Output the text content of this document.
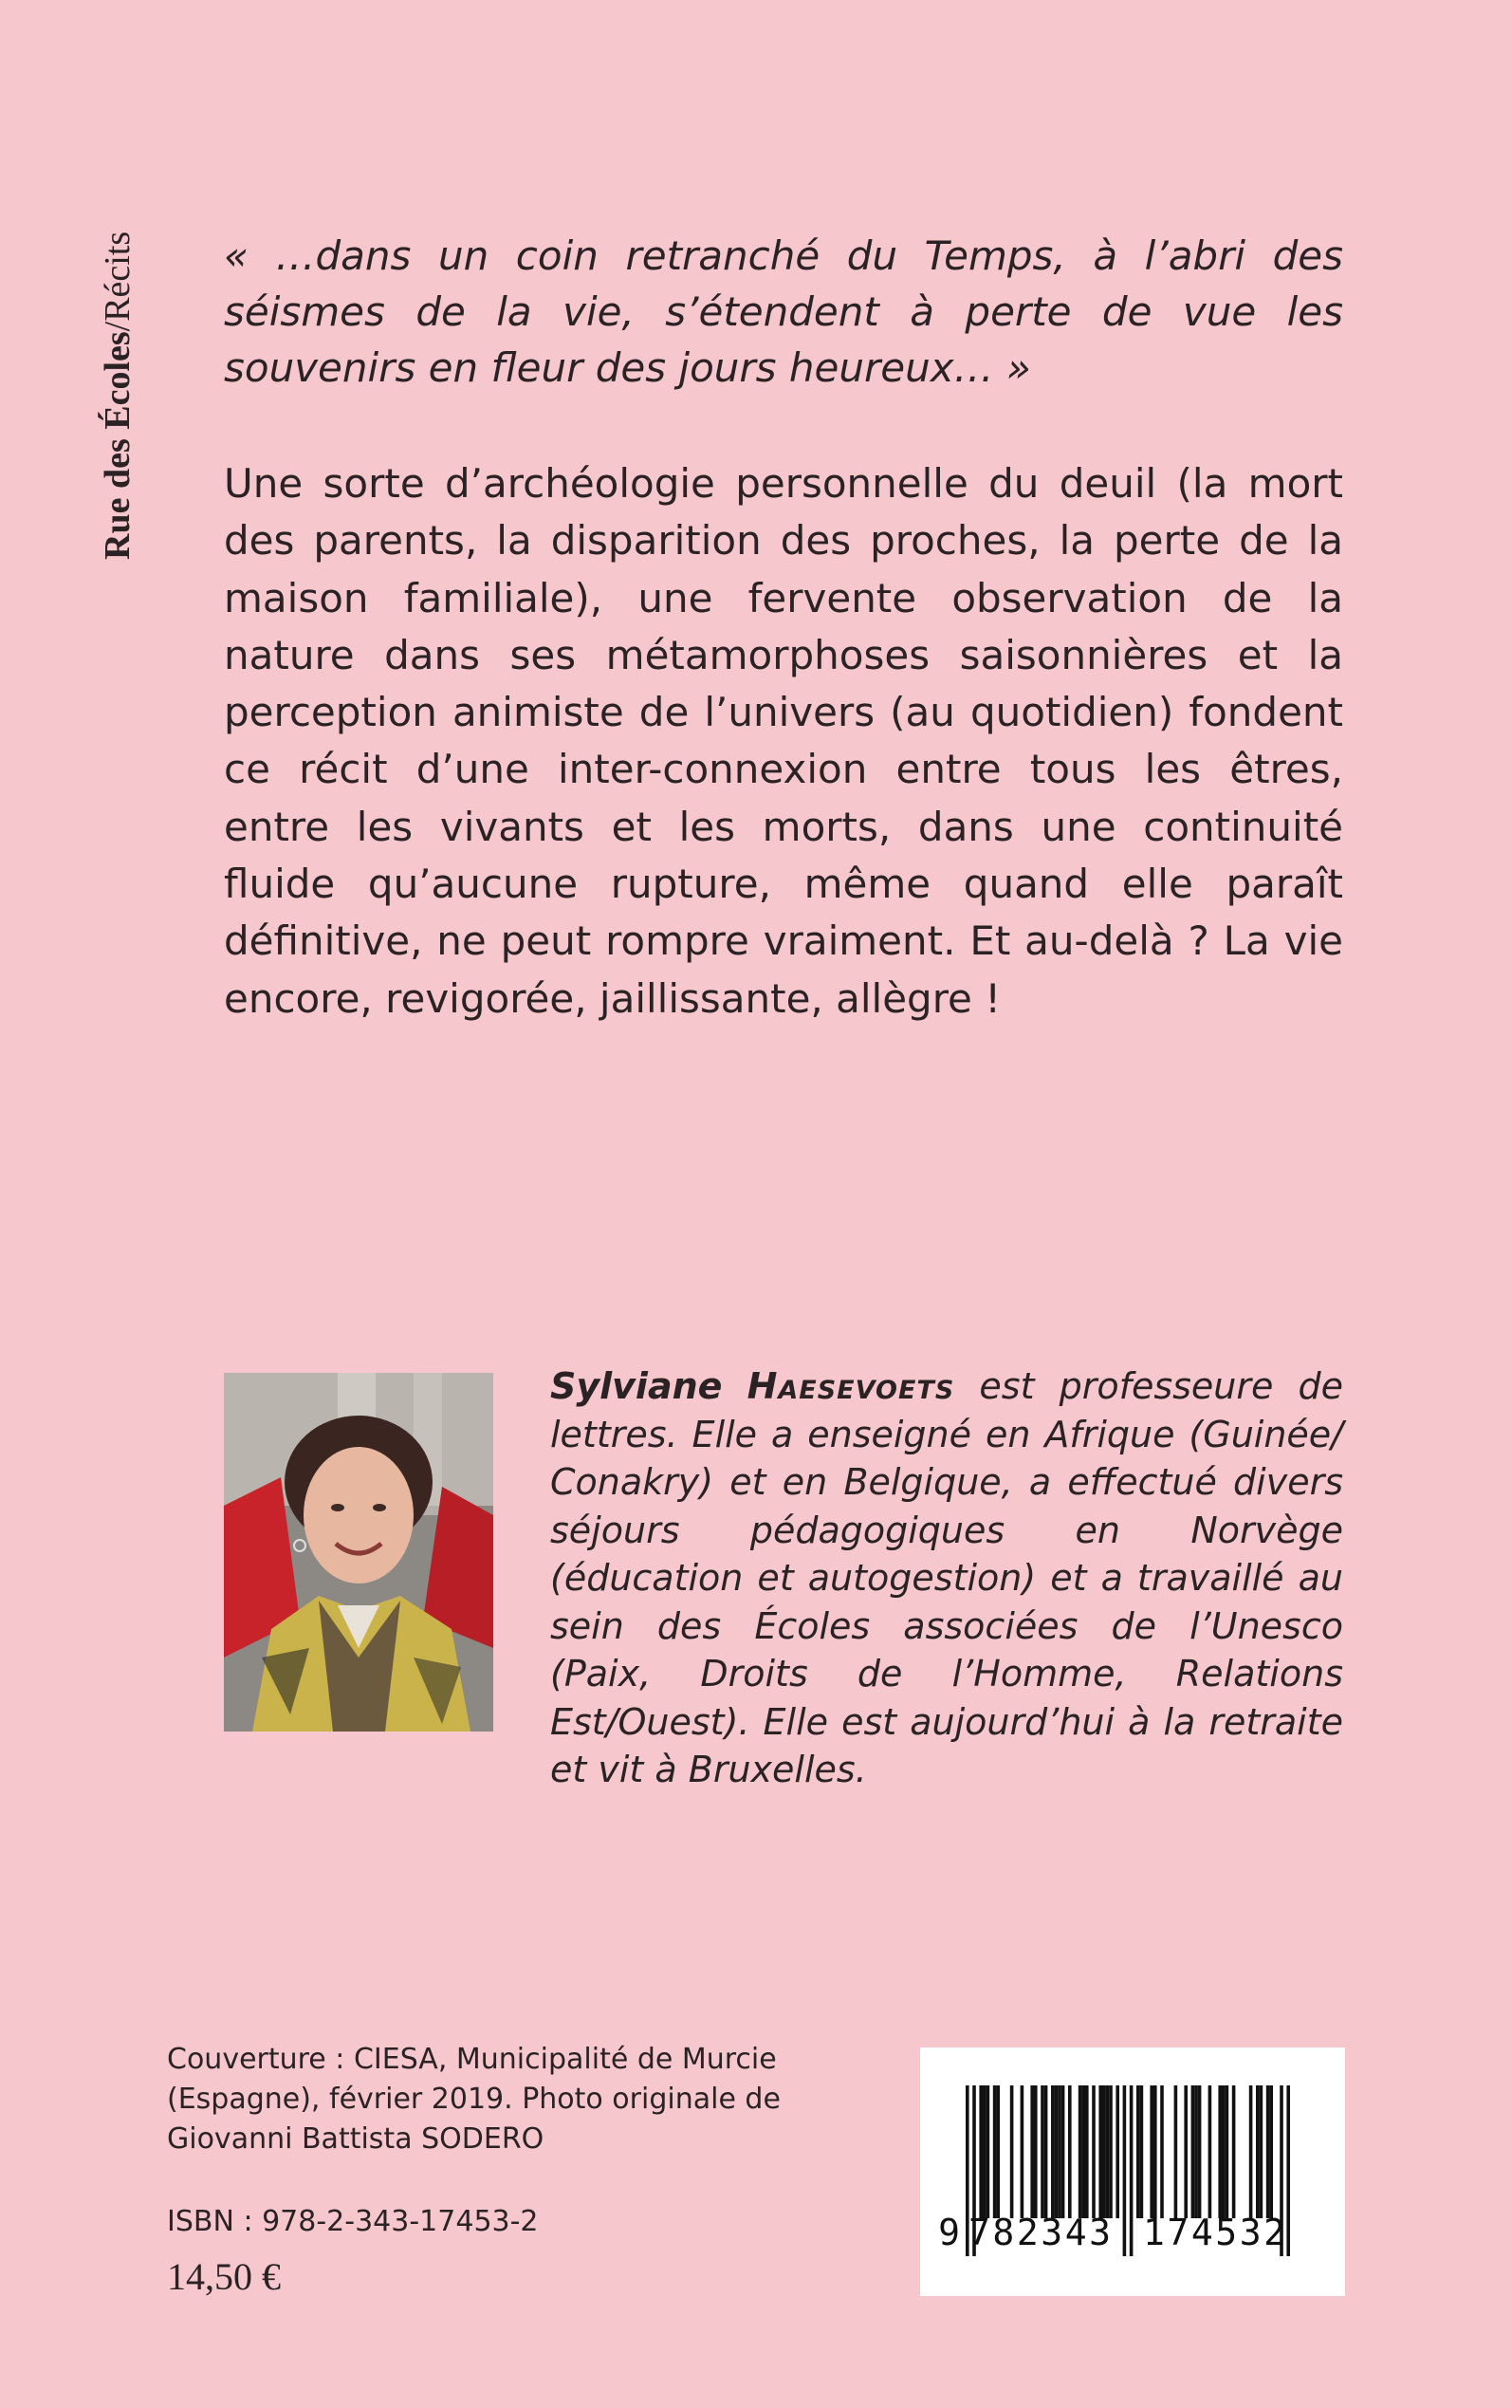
Rue des Écoles/Récits « …dans un coin retranché du Temps, à l’abri des séismes de la vie, s’étendent à perte de vue les souvenirs en fleur des jours heureux… »

Une sorte d’archéologie personnelle du deuil (la mort des parents, la disparition des proches, la perte de la maison familiale), une fervente observation de la nature dans ses métamorphoses saisonnières et la perception animiste de l’univers (au quotidien) fondent ce récit d’une inter-connexion entre tous les êtres, entre les vivants et les morts, dans une continuité fluide qu’aucune rupture, même quand elle paraît définitive, ne peut rompre vraiment. Et au-delà ? La vie encore, revigorée, jaillissante, allègre !

Sylviane Haesevoets est professeure de lettres. Elle a enseigné en Afrique (Guinée/ Conakry) et en Belgique, a effectué divers séjours pédagogiques en Norvège (éducation et autogestion) et a travaillé au sein des Écoles associées de l’Unesco (Paix, Droits de l’Homme, Relations Est/Ouest). Elle est aujourd’hui à la retraite et vit à Bruxelles.

Couverture : CIESA, Municipalité de Murcie
(Espagne), février 2019. Photo originale de
Giovanni Battista SODERO

ISBN : 978-2-343-17453-2
14,50 €
9 782343 174532
